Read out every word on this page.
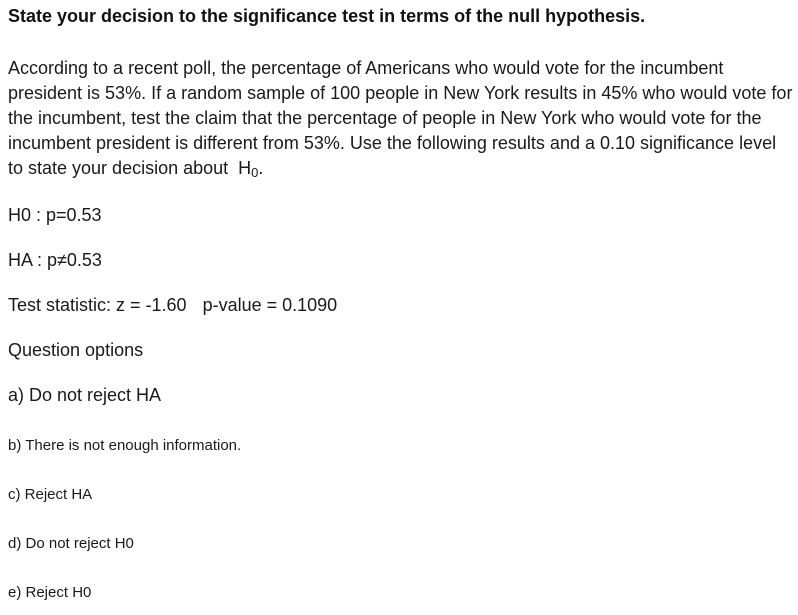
State your decision to the significance test in terms of the null hypothesis.
According to a recent poll, the percentage of Americans who would vote for the incumbent president is 53%. If a random sample of 100 people in New York results in 45% who would vote for the incumbent, test the claim that the percentage of people in New York who would vote for the incumbent president is different from 53%. Use the following results and a 0.10 significance level to state your decision about $H_0$.
H0 : p=0.53
HA : p≠0.53
Test statistic: z = -1.60 p-value = 0.1090
Question options
a) Do not reject HA
b) There is not enough information.
c) Reject HA
d) Do not reject H0
e) Reject H0
